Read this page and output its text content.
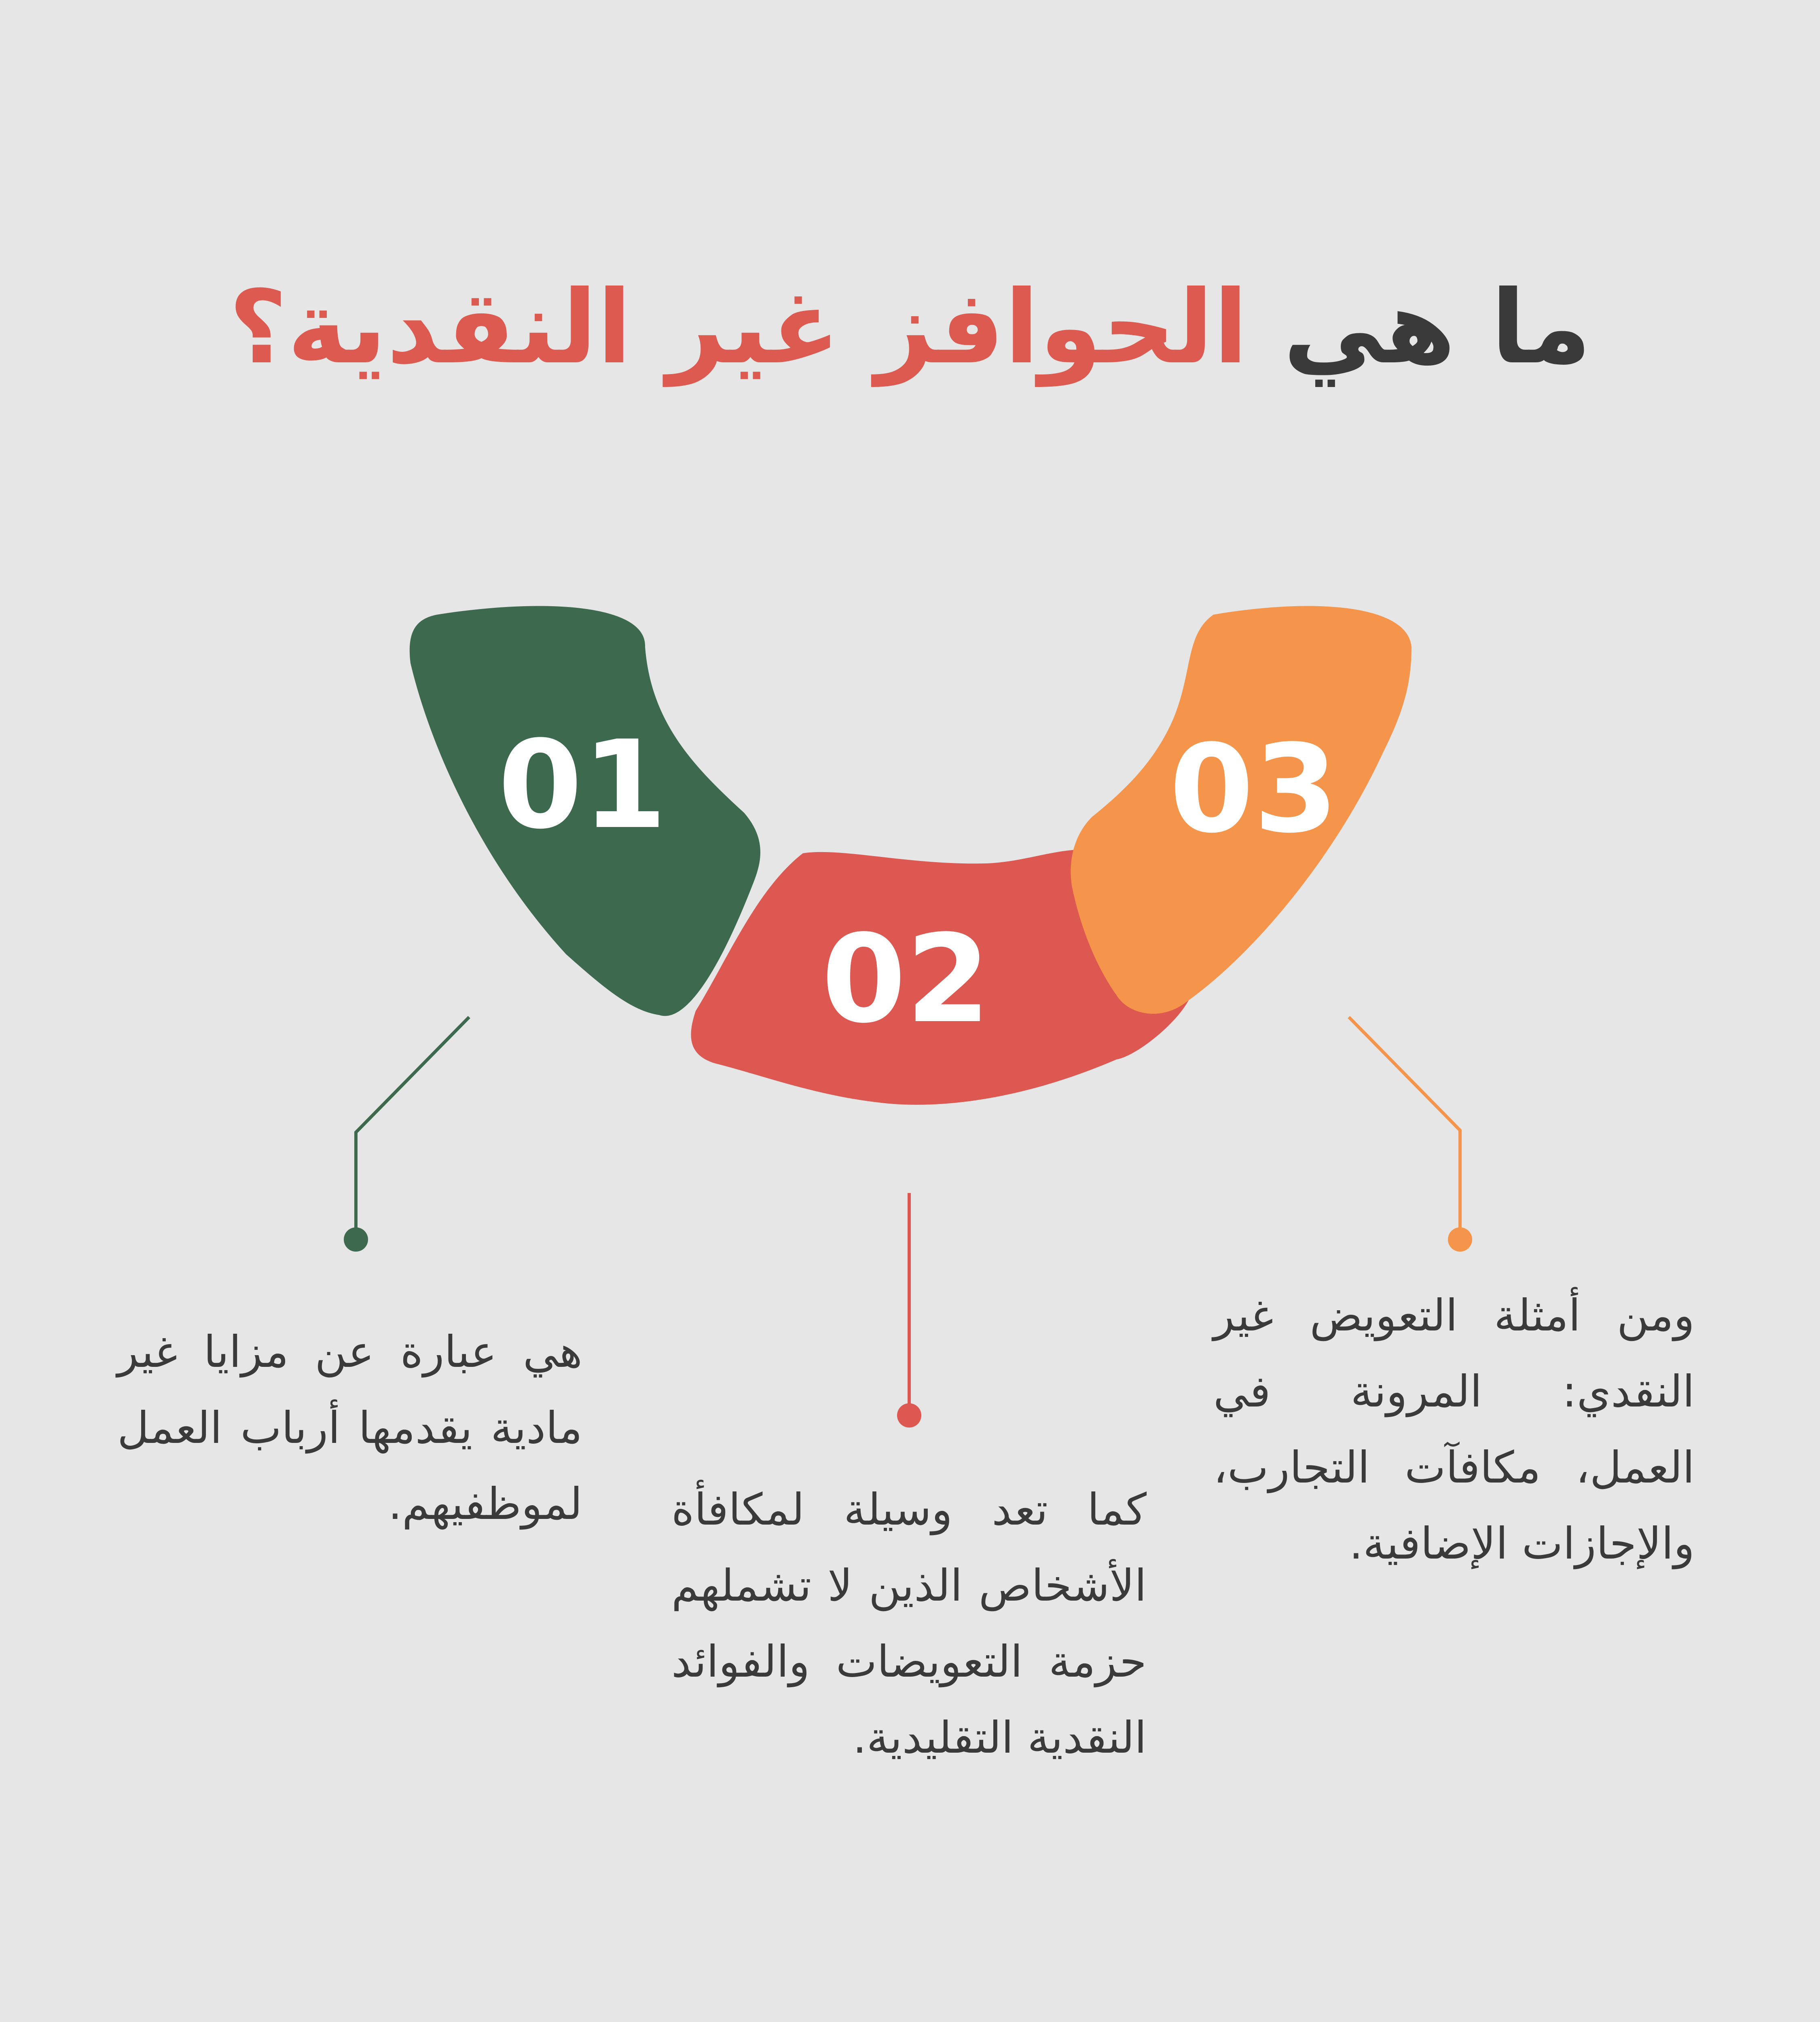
ما هي الحوافز غير النقدية؟
01
02
03

هي عبارة عن مزايا غير مادية يقدمها أرباب العمل لموظفيهم. كما تعد وسيلة لمكافأة الأشخاص الذين لا تشملهم حزمة التعويضات والفوائد النقدية التقليدية.

ومن أمثلة التعويض غير النقدي: المرونة في العمل، مكافآت التجارب، والإجازات الإضافية.
